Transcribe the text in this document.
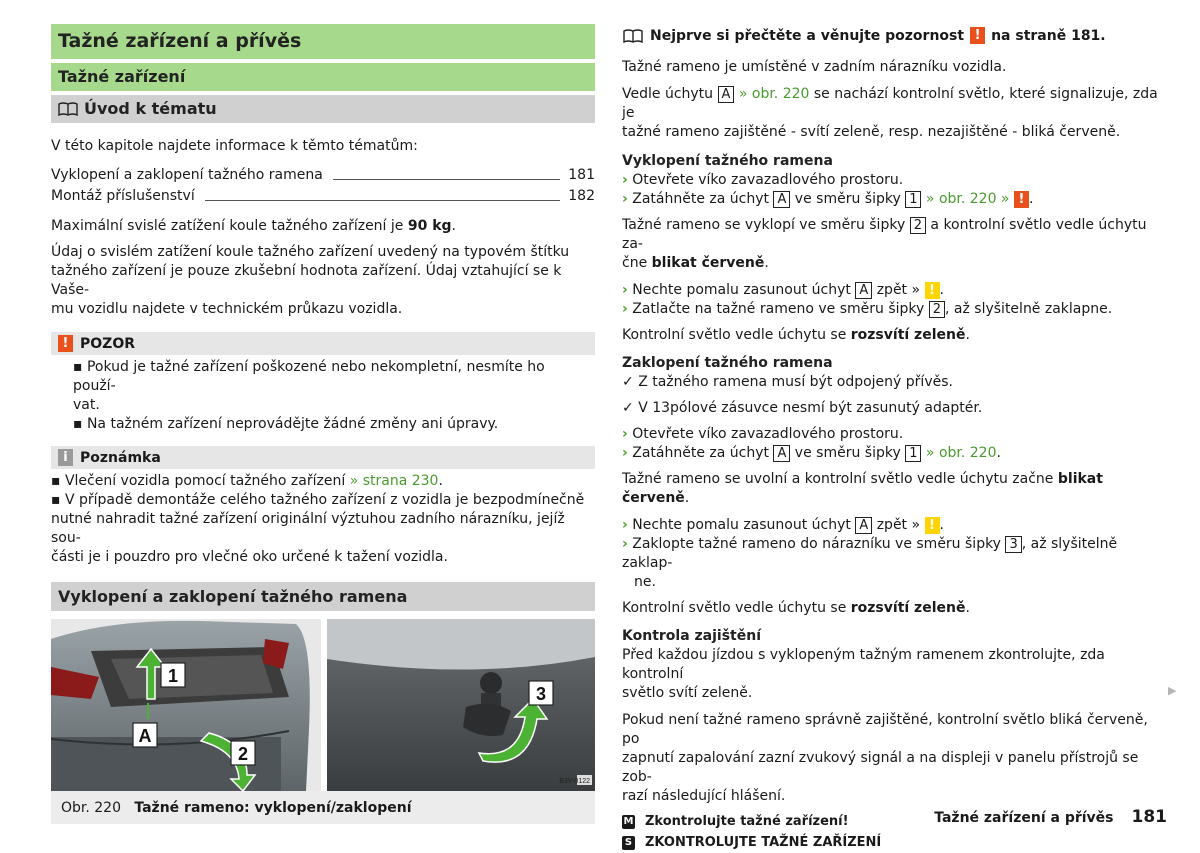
Tažné zařízení a přívěs
Tažné zařízení
Úvod k tématu

V této kapitole najdete informace k těmto tématům:

Vyklopení a zaklopení tažného ramena	181
Montáž příslušenství	182

Maximální svislé zatížení koule tažného zařízení je 90 kg.

Údaj o svislém zatížení koule tažného zařízení uvedený na typovém štítku
tažného zařízení je pouze zkušební hodnota zařízení. Údaj vztahující se k Vaše-
mu vozidlu najdete v technickém průkazu vozidla.

! POZOR
▪ Pokud je tažné zařízení poškozené nebo nekompletní, nesmíte ho použí-
vat.
▪ Na tažném zařízení neprovádějte žádné změny ani úpravy.
i Poznámka

▪ Vlečení vozidla pomocí tažného zařízení » strana 230.

▪ V případě demontáže celého tažného zařízení z vozidla je bezpodmínečně
nutné nahradit tažné zařízení originální výztuhou zadního nárazníku, jejíž sou-
části je i pouzdro pro vlečné oko určené k tažení vozidla.

Vyklopení a zaklopení tažného ramena
1
A
2
3
B3V-0122
Obr. 220 Tažné rameno: vyklopení/zaklopení
Nejprve si přečtěte a věnujte pozornost ! na straně 181.

Tažné rameno je umístěné v zadním nárazníku vozidla.

Vedle úchytu A » obr. 220 se nachází kontrolní světlo, které signalizuje, zda je
tažné rameno zajištěné - svítí zeleně, resp. nezajištěné - bliká červeně.

Vyklopení tažného ramena
› Otevřete víko zavazadlového prostoru.
› Zatáhněte za úchyt A ve směru šipky 1 » obr. 220 » ! .

Tažné rameno se vyklopí ve směru šipky 2 a kontrolní světlo vedle úchytu za-
čne blikat červeně.

› Nechte pomalu zasunout úchyt A zpět » ! .
› Zatlačte na tažné rameno ve směru šipky 2 , až slyšitelně zaklapne.

Kontrolní světlo vedle úchytu se rozsvítí zeleně.

Zaklopení tažného ramena
✓ Z tažného ramena musí být odpojený přívěs.
✓ V 13pólové zásuvce nesmí být zasunutý adaptér.
› Otevřete víko zavazadlového prostoru.
› Zatáhněte za úchyt A ve směru šipky 1 » obr. 220.

Tažné rameno se uvolní a kontrolní světlo vedle úchytu začne blikat červeně.

› Nechte pomalu zasunout úchyt A zpět » ! .
› Zaklopte tažné rameno do nárazníku ve směru šipky 3 , až slyšitelně zaklap-
ne.

Kontrolní světlo vedle úchytu se rozsvítí zeleně.

Kontrola zajištění

Před každou jízdou s vyklopeným tažným ramenem zkontrolujte, zda kontrolní
světlo svítí zeleně.

Pokud není tažné rameno správně zajištěné, kontrolní světlo bliká červeně, po
zapnutí zapalování zazní zvukový signál a na displeji v panelu přístrojů se zob-
razí následující hlášení.

M Zkontrolujte tažné zařízení!
S ZKONTROLUJTE TAŽNÉ ZAŘÍZENÍ
▶
Tažné zařízení a přívěs 181
